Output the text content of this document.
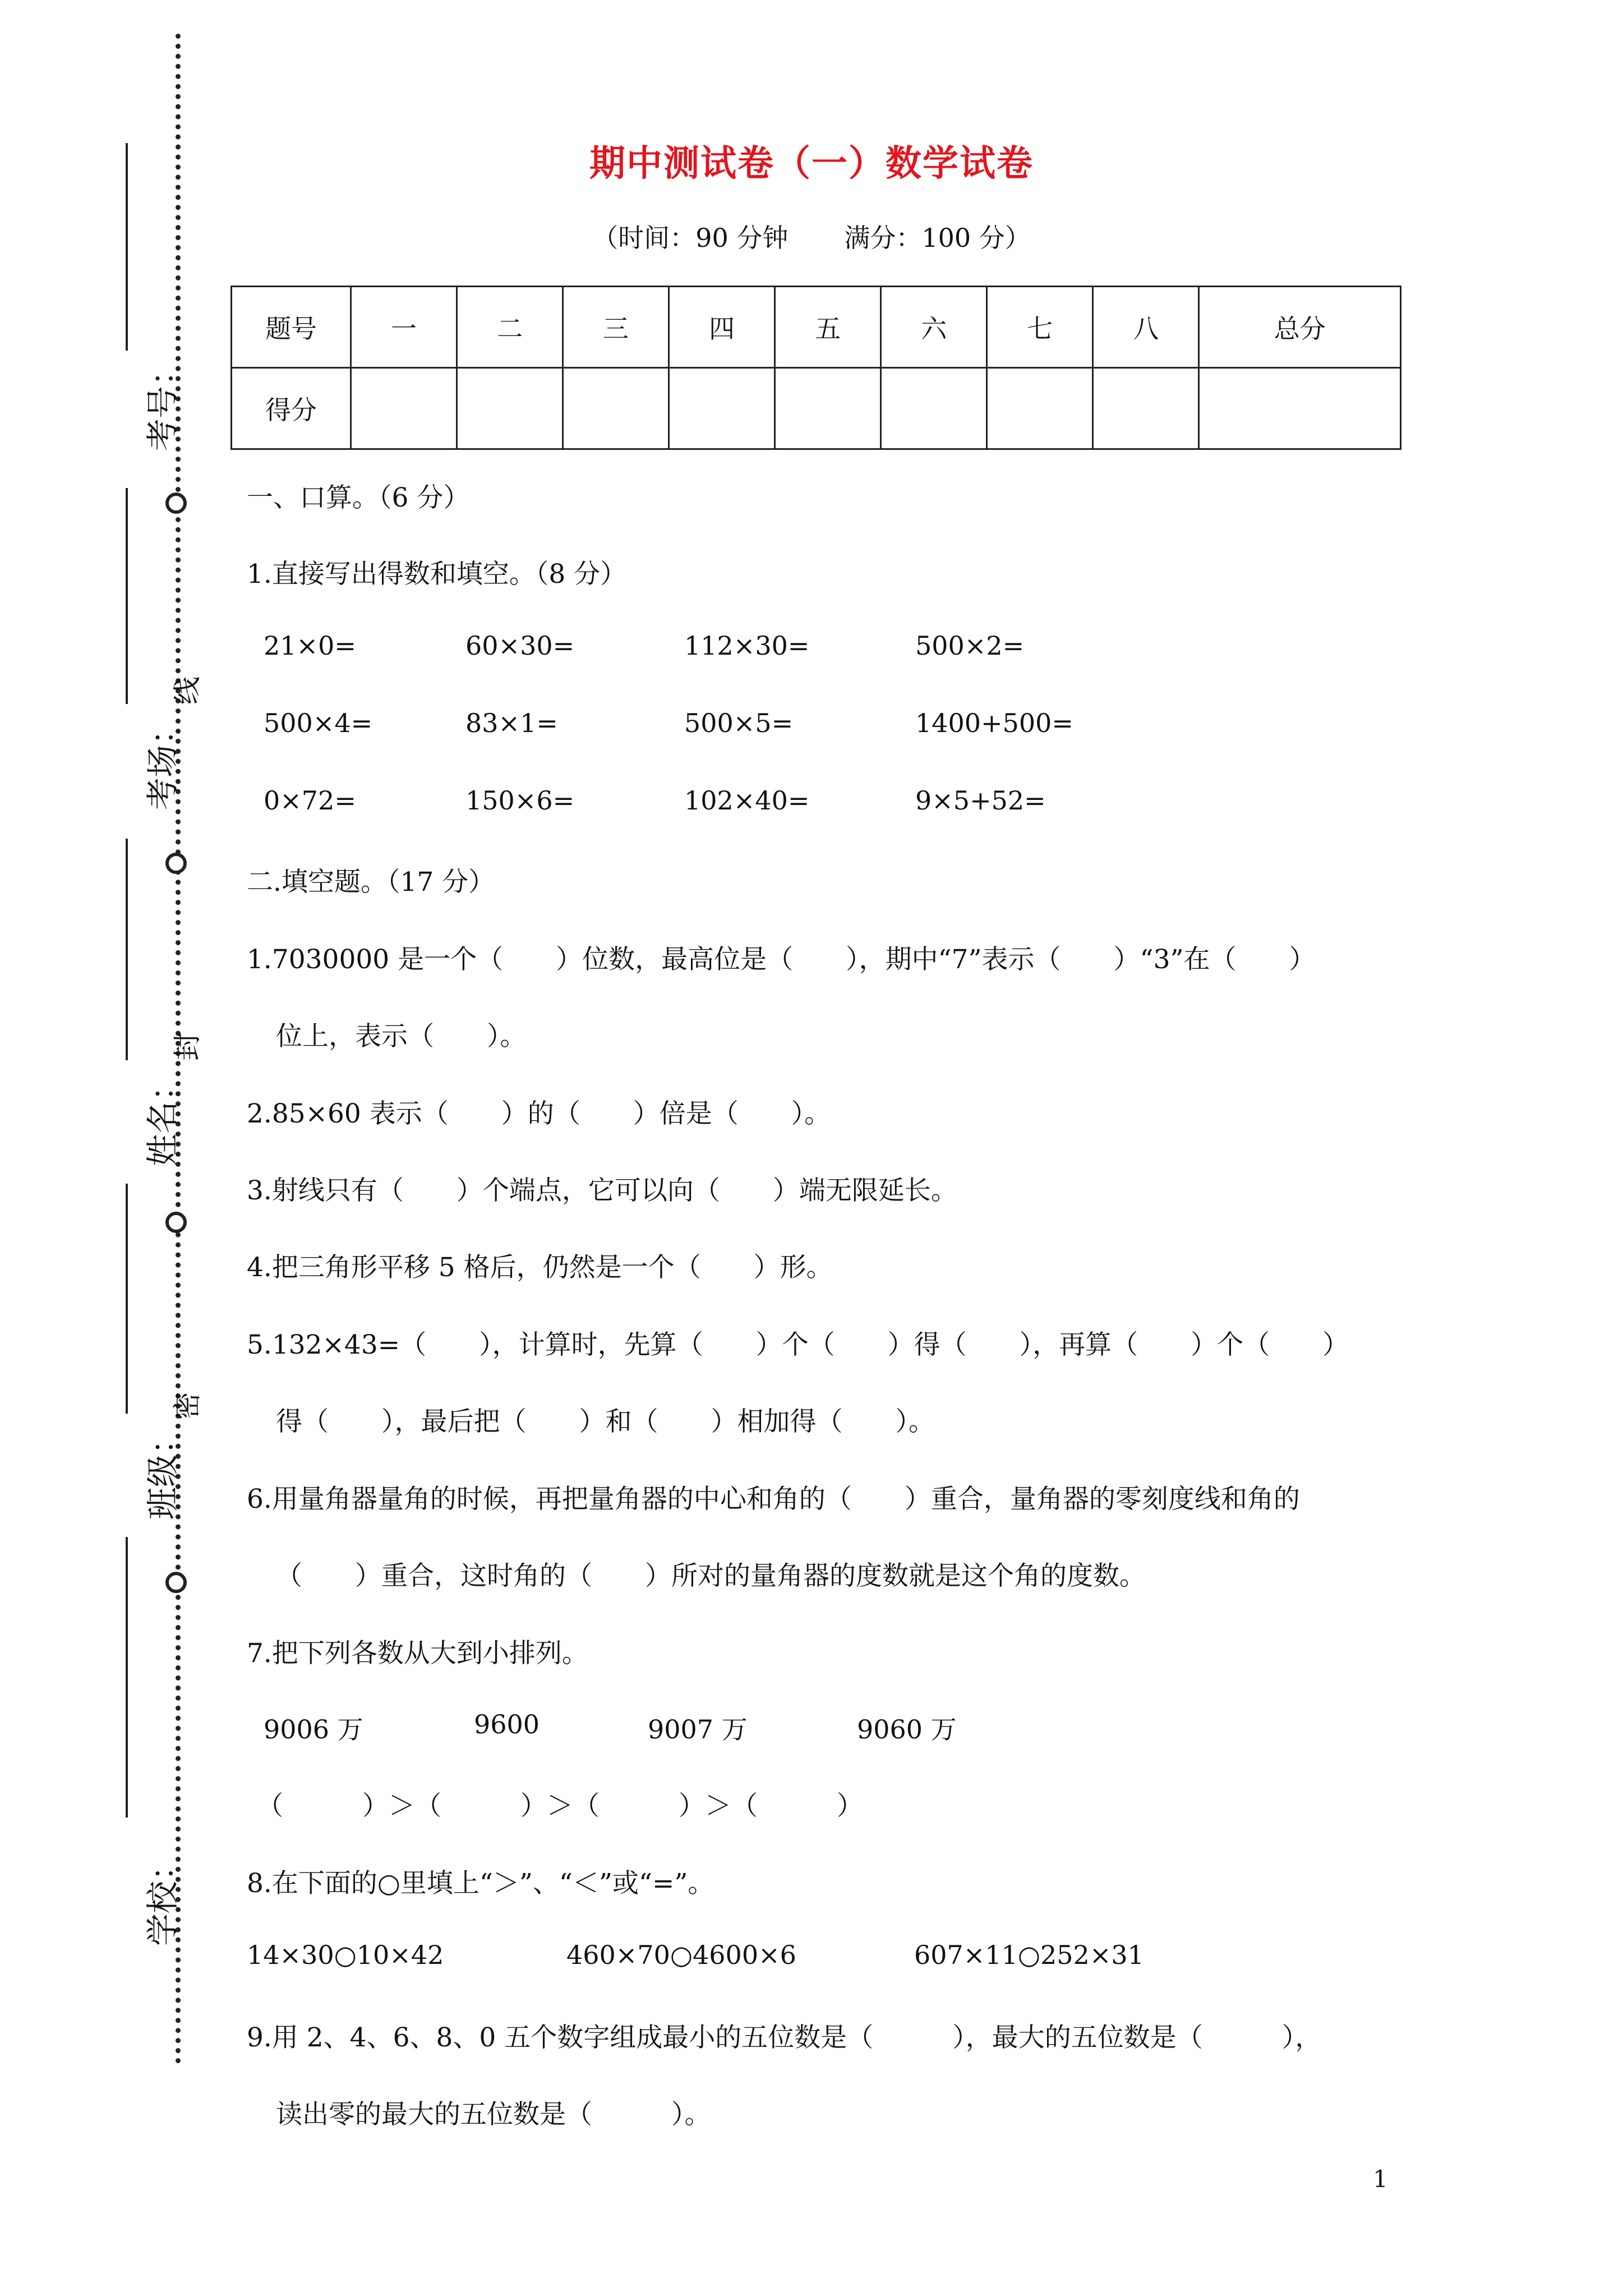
线
封
密
考号：
考场：
姓名：
班级：
学校：
期中测试卷（一）数学试卷
（时间：90 分钟 满分：100 分）
题号	一	二	三	四	五	六	七	八	总分
得分									
一、口算。（6 分）
1.直接写出得数和填空。（8 分）
21×0=	60×30=	112×30=	500×2=
500×4=	83×1=	500×5=	1400+500=
0×72=	150×6=	102×40=	9×5+52=
二.填空题。（17 分）
1.7030000 是一个（　　）位数，最高位是（　　），期中“7”表示（　　）“3”在（　　）
位上，表示（　　）。
2.85×60 表示（　　）的（　　）倍是（　　）。
3.射线只有（　　）个端点，它可以向（　　）端无限延长。
4.把三角形平移 5 格后，仍然是一个（　　）形。
5.132×43=（　　），计算时，先算（　　）个（　　）得（　　），再算（　　）个（　　）
得（　　），最后把（　　）和（　　）相加得（　　）。
6.用量角器量角的时候，再把量角器的中心和角的（　　）重合，量角器的零刻度线和角的
（　　）重合，这时角的（　　）所对的量角器的度数就是这个角的度数。
7.把下列各数从大到小排列。
9006 万	9600	9007 万	9060 万
（　　　）＞（　　　）＞（　　　）＞（　　　）
8.在下面的○里填上“＞”、“＜”或“=”。
14×30○10×42	460×70○4600×6	607×11○252×31
9.用 2、4、6、8、0 五个数字组成最小的五位数是（　　　），最大的五位数是（　　　），
读出零的最大的五位数是（　　　）。
1
